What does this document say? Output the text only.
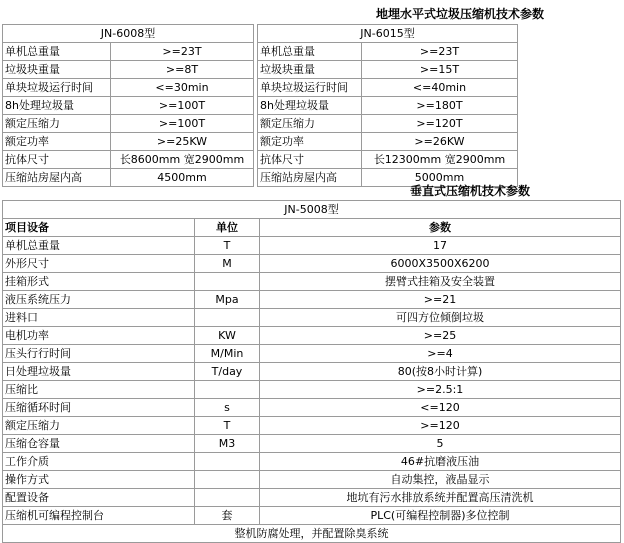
地埋水平式垃圾压缩机技术参数
JN-6008型	
单机总重量	>=23T
垃圾块重量	>=8T
单块垃圾运行时间	<=30min
8h处理垃圾量	>=100T
额定压缩力	>=100T
额定功率	>=25KW
抗体尺寸	长8600mm 宽2900mm
压缩站房屋内高	4500mm
JN-6015型	
单机总重量	>=23T
垃圾块重量	>=15T
单块垃圾运行时间	<=40min
8h处理垃圾量	>=180T
额定压缩力	>=120T
额定功率	>=26KW
抗体尺寸	长12300mm 宽2900mm
压缩站房屋内高	5000mm
垂直式压缩机技术参数
JN-5008型		
项目设备	单位	参数
单机总重量	T	17
外形尺寸	M	6000X3500X6200
挂箱形式		摆臂式挂箱及安全装置
液压系统压力	Mpa	>=21
进料口		可四方位倾倒垃圾
电机功率	KW	>=25
压头行行时间	M/Min	>=4
日处理垃圾量	T/day	80(按8小时计算)
压缩比		>=2.5:1
压缩循环时间	s	<=120
额定压缩力	T	>=120
压缩仓容量	M3	5
工作介质		46#抗磨液压油
操作方式		自动集控，液晶显示
配置设备		地坑有污水排放系统并配置高压清洗机
压缩机可编程控制台	套	PLC(可编程控制器)多位控制
整机防腐处理，并配置除臭系统		
